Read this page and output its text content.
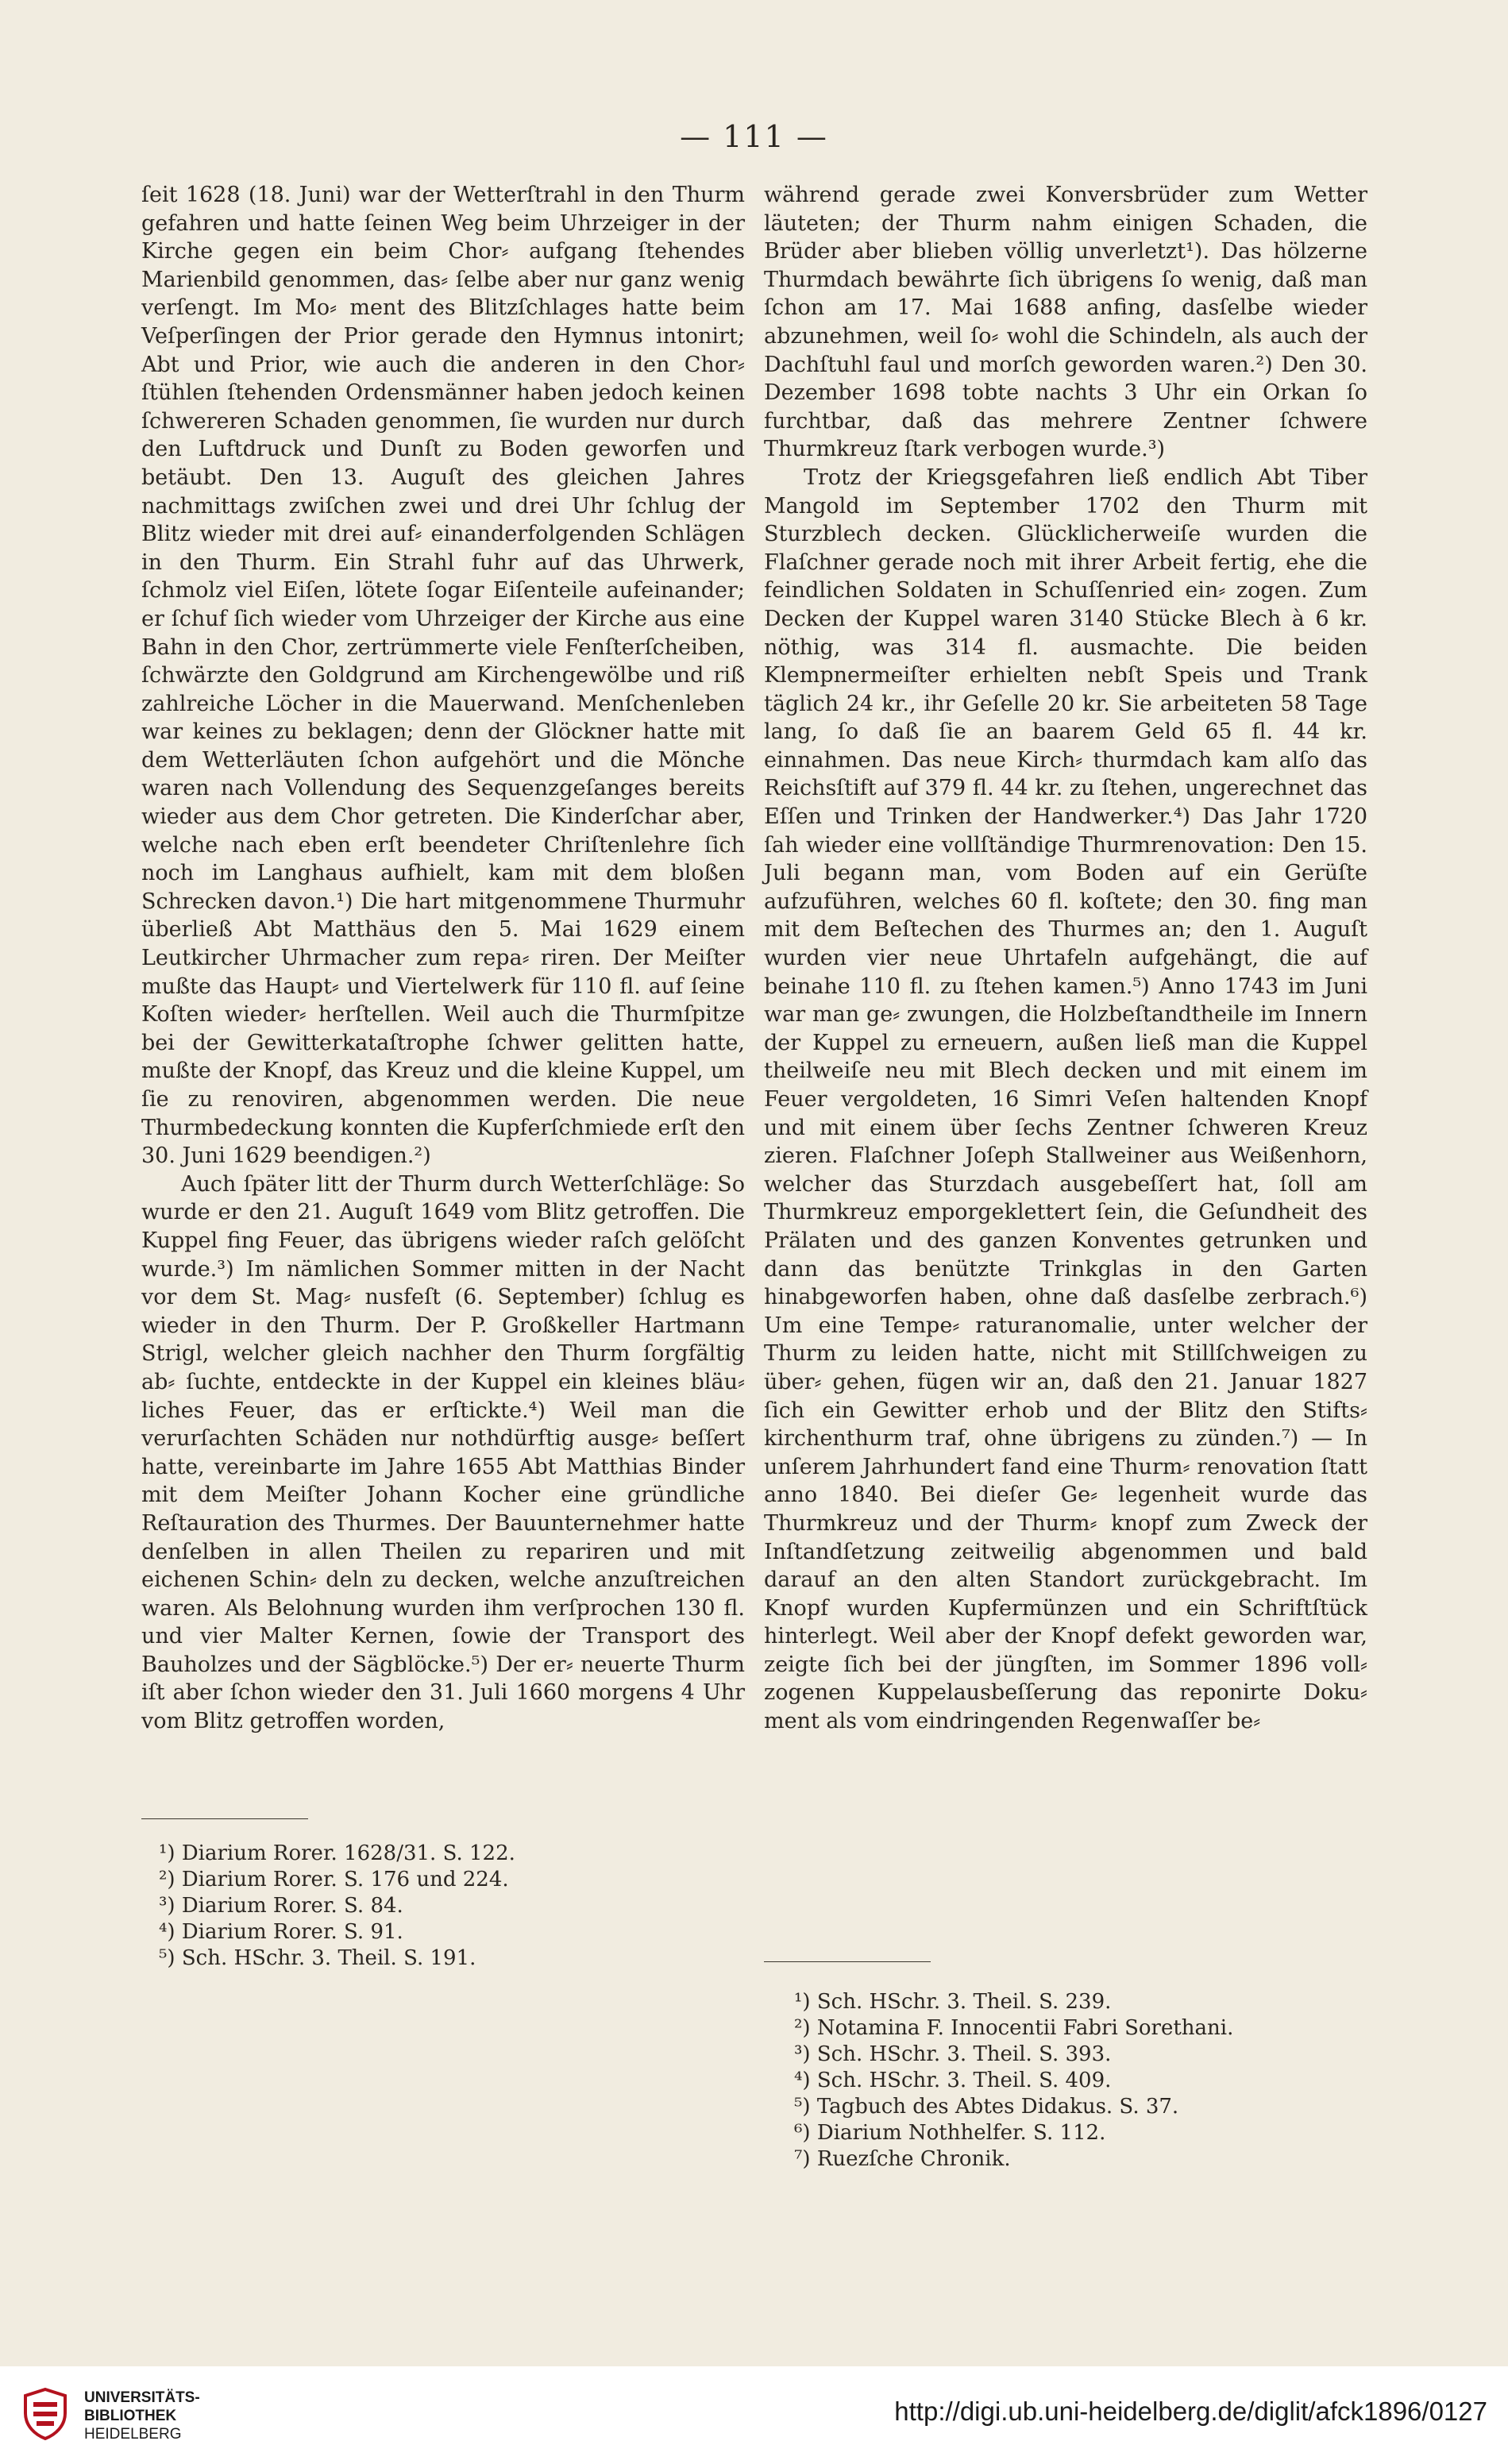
— 111 —

ſeit 1628 (18. Juni) war der Wetterſtrahl in den Thurm gefahren und hatte ſeinen Weg beim Uhrzeiger in der Kirche gegen ein beim Chor⸗ aufgang ſtehendes Marienbild genommen, das⸗ ſelbe aber nur ganz wenig verſengt. Im Mo⸗ ment des Blitzſchlages hatte beim Veſperſingen der Prior gerade den Hymnus intonirt; Abt und Prior, wie auch die anderen in den Chor⸗ ſtühlen ſtehenden Ordensmänner haben jedoch keinen ſchwereren Schaden genommen, ſie wurden nur durch den Luftdruck und Dunſt zu Boden geworfen und betäubt. Den 13. Auguſt des gleichen Jahres nachmittags zwiſchen zwei und drei Uhr ſchlug der Blitz wieder mit drei auf⸗ einanderfolgenden Schlägen in den Thurm. Ein Strahl fuhr auf das Uhrwerk, ſchmolz viel Eiſen, lötete ſogar Eiſenteile aufeinander; er ſchuf ſich wieder vom Uhrzeiger der Kirche aus eine Bahn in den Chor, zertrümmerte viele Fenſterſcheiben, ſchwärzte den Goldgrund am Kirchengewölbe und riß zahlreiche Löcher in die Mauerwand. Menſchenleben war keines zu beklagen; denn der Glöckner hatte mit dem Wetterläuten ſchon aufgehört und die Mönche waren nach Vollendung des Sequenzgeſanges bereits wieder aus dem Chor getreten. Die Kinderſchar aber, welche nach eben erſt beendeter Chriſtenlehre ſich noch im Langhaus aufhielt, kam mit dem bloßen Schrecken davon.¹) Die hart mitgenommene Thurmuhr überließ Abt Matthäus den 5. Mai 1629 einem Leutkircher Uhrmacher zum repa⸗ riren. Der Meiſter mußte das Haupt⸗ und Viertelwerk für 110 fl. auf ſeine Koſten wieder⸗ herſtellen. Weil auch die Thurmſpitze bei der Gewitterkataſtrophe ſchwer gelitten hatte, mußte der Knopf, das Kreuz und die kleine Kuppel, um ſie zu renoviren, abgenommen werden. Die neue Thurmbedeckung konnten die Kupferſchmiede erſt den 30. Juni 1629 beendigen.²)

Auch ſpäter litt der Thurm durch Wetterſchläge: So wurde er den 21. Auguſt 1649 vom Blitz getroffen. Die Kuppel fing Feuer, das übrigens wieder raſch gelöſcht wurde.³) Im nämlichen Sommer mitten in der Nacht vor dem St. Mag⸗ nusfeſt (6. September) ſchlug es wieder in den Thurm. Der P. Großkeller Hartmann Strigl, welcher gleich nachher den Thurm ſorgfältig ab⸗ ſuchte, entdeckte in der Kuppel ein kleines bläu⸗ liches Feuer, das er erſtickte.⁴) Weil man die verurſachten Schäden nur nothdürftig ausge⸗ beſſert hatte, vereinbarte im Jahre 1655 Abt Matthias Binder mit dem Meiſter Johann Kocher eine gründliche Reſtauration des Thurmes. Der Bauunternehmer hatte denſelben in allen Theilen zu repariren und mit eichenen Schin⸗ deln zu decken, welche anzuſtreichen waren. Als Belohnung wurden ihm verſprochen 130 fl. und vier Malter Kernen, ſowie der Transport des Bauholzes und der Sägblöcke.⁵) Der er⸗ neuerte Thurm iſt aber ſchon wieder den 31. Juli 1660 morgens 4 Uhr vom Blitz getroffen worden,

während gerade zwei Konversbrüder zum Wetter läuteten; der Thurm nahm einigen Schaden, die Brüder aber blieben völlig unverletzt¹). Das hölzerne Thurmdach bewährte ſich übrigens ſo wenig, daß man ſchon am 17. Mai 1688 anfing, dasſelbe wieder abzunehmen, weil ſo⸗ wohl die Schindeln, als auch der Dachſtuhl faul und morſch geworden waren.²) Den 30. Dezember 1698 tobte nachts 3 Uhr ein Orkan ſo furchtbar, daß das mehrere Zentner ſchwere Thurmkreuz ſtark verbogen wurde.³)

Trotz der Kriegsgefahren ließ endlich Abt Tiber Mangold im September 1702 den Thurm mit Sturzblech decken. Glücklicherweiſe wurden die Flaſchner gerade noch mit ihrer Arbeit fertig, ehe die feindlichen Soldaten in Schuſſenried ein⸗ zogen. Zum Decken der Kuppel waren 3140 Stücke Blech à 6 kr. nöthig, was 314 fl. ausmachte. Die beiden Klempnermeiſter erhielten nebſt Speis und Trank täglich 24 kr., ihr Geſelle 20 kr. Sie arbeiteten 58 Tage lang, ſo daß ſie an baarem Geld 65 fl. 44 kr. einnahmen. Das neue Kirch⸗ thurmdach kam alſo das Reichsſtift auf 379 fl. 44 kr. zu ſtehen, ungerechnet das Eſſen und Trinken der Handwerker.⁴) Das Jahr 1720 ſah wieder eine vollſtändige Thurmrenovation: Den 15. Juli begann man, vom Boden auf ein Gerüſte aufzuführen, welches 60 fl. koſtete; den 30. fing man mit dem Beſtechen des Thurmes an; den 1. Auguſt wurden vier neue Uhrtafeln aufgehängt, die auf beinahe 110 fl. zu ſtehen kamen.⁵) Anno 1743 im Juni war man ge⸗ zwungen, die Holzbeſtandtheile im Innern der Kuppel zu erneuern, außen ließ man die Kuppel theilweiſe neu mit Blech decken und mit einem im Feuer vergoldeten, 16 Simri Veſen haltenden Knopf und mit einem über ſechs Zentner ſchweren Kreuz zieren. Flaſchner Joſeph Stallweiner aus Weißenhorn, welcher das Sturzdach ausgebeſſert hat, ſoll am Thurmkreuz emporgeklettert ſein, die Geſundheit des Prälaten und des ganzen Konventes getrunken und dann das benützte Trinkglas in den Garten hinabgeworfen haben, ohne daß dasſelbe zerbrach.⁶) Um eine Tempe⸗ raturanomalie, unter welcher der Thurm zu leiden hatte, nicht mit Stillſchweigen zu über⸗ gehen, fügen wir an, daß den 21. Januar 1827 ſich ein Gewitter erhob und der Blitz den Stifts⸗ kirchenthurm traf, ohne übrigens zu zünden.⁷) — In unſerem Jahrhundert fand eine Thurm⸗ renovation ſtatt anno 1840. Bei dieſer Ge⸗ legenheit wurde das Thurmkreuz und der Thurm⸗ knopf zum Zweck der Inſtandſetzung zeitweilig abgenommen und bald darauf an den alten Standort zurückgebracht. Im Knopf wurden Kupfermünzen und ein Schriftſtück hinterlegt. Weil aber der Knopf defekt geworden war, zeigte ſich bei der jüngſten, im Sommer 1896 voll⸗ zogenen Kuppelausbeſſerung das reponirte Doku⸗ ment als vom eindringenden Regenwaſſer be⸗

¹) Diarium Rorer. 1628/31. S. 122.
²) Diarium Rorer. S. 176 und 224.
³) Diarium Rorer. S. 84.
⁴) Diarium Rorer. S. 91.
⁵) Sch. HSchr. 3. Theil. S. 191.
¹) Sch. HSchr. 3. Theil. S. 239.
²) Notamina F. Innocentii Fabri Sorethani.
³) Sch. HSchr. 3. Theil. S. 393.
⁴) Sch. HSchr. 3. Theil. S. 409.
⁵) Tagbuch des Abtes Didakus. S. 37.
⁶) Diarium Nothhelfer. S. 112.
⁷) Ruezſche Chronik.
UNIVERSITÄTS-
BIBLIOTHEK
HEIDELBERG
http://digi.ub.uni-heidelberg.de/diglit/afck1896/0127
